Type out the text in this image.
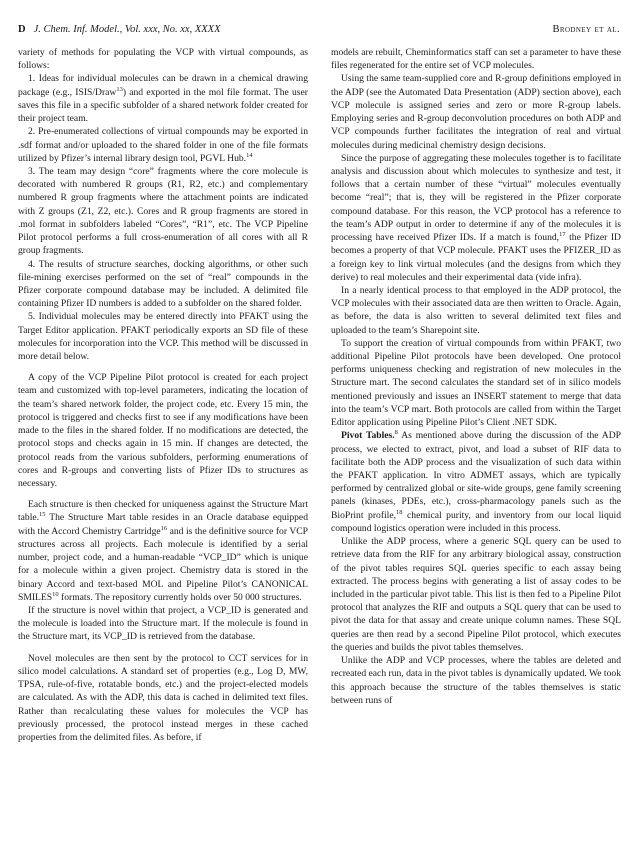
D J. Chem. Inf. Model., Vol. xxx, No. xx, XXXX	Brodney et al.

variety of methods for populating the VCP with virtual compounds, as follows:

1. Ideas for individual molecules can be drawn in a chemical drawing package (e.g., ISIS/Draw$^{13}$) and exported in the mol file format. The user saves this file in a specific subfolder of a shared network folder created for their project team.

2. Pre-enumerated collections of virtual compounds may be exported in .sdf format and/or uploaded to the shared folder in one of the file formats utilized by Pfizer’s internal library design tool, PGVL Hub.$^{14}$

3. The team may design “core” fragments where the core molecule is decorated with numbered R groups (R1, R2, etc.) and complementary numbered R group fragments where the attachment points are indicated with Z groups (Z1, Z2, etc.). Cores and R group fragments are stored in .mol format in subfolders labeled “Cores”, “R1”, etc. The VCP Pipeline Pilot protocol performs a full cross-enumeration of all cores with all R group fragments.

4. The results of structure searches, docking algorithms, or other such file-mining exercises performed on the set of “real” compounds in the Pfizer corporate compound database may be included. A delimited file containing Pfizer ID numbers is added to a subfolder on the shared folder.

5. Individual molecules may be entered directly into PFAKT using the Target Editor application. PFAKT periodically exports an SD file of these molecules for incorporation into the VCP. This method will be discussed in more detail below.

A copy of the VCP Pipeline Pilot protocol is created for each project team and customized with top-level parameters, indicating the location of the team’s shared network folder, the project code, etc. Every 15 min, the protocol is triggered and checks first to see if any modifications have been made to the files in the shared folder. If no modifications are detected, the protocol stops and checks again in 15 min. If changes are detected, the protocol reads from the various subfolders, performing enumerations of cores and R-groups and converting lists of Pfizer IDs to structures as necessary.

Each structure is then checked for uniqueness against the Structure Mart table.$^{15}$ The Structure Mart table resides in an Oracle database equipped with the Accord Chemistry Cartridge$^{16}$ and is the definitive source for VCP structures across all projects. Each molecule is identified by a serial number, project code, and a human-readable “VCP_ID” which is unique for a molecule within a given project. Chemistry data is stored in the binary Accord and text-based MOL and Pipeline Pilot’s CANONICAL SMILES$^{10}$ formats. The repository currently holds over 50 000 structures.

If the structure is novel within that project, a VCP_ID is generated and the molecule is loaded into the Structure mart. If the molecule is found in the Structure mart, its VCP_ID is retrieved from the database.

Novel molecules are then sent by the protocol to CCT services for in silico model calculations. A standard set of properties (e.g., Log D, MW, TPSA, rule-of-five, rotatable bonds, etc.) and the project-elected models are calculated. As with the ADP, this data is cached in delimited text files. Rather than recalculating these values for molecules the VCP has previously processed, the protocol instead merges in these cached properties from the delimited files. As before, if

models are rebuilt, Cheminformatics staff can set a parameter to have these files regenerated for the entire set of VCP molecules.

Using the same team-supplied core and R-group definitions employed in the ADP (see the Automated Data Presentation (ADP) section above), each VCP molecule is assigned series and zero or more R-group labels. Employing series and R-group deconvolution procedures on both ADP and VCP compounds further facilitates the integration of real and virtual molecules during medicinal chemistry design decisions.

Since the purpose of aggregating these molecules together is to facilitate analysis and discussion about which molecules to synthesize and test, it follows that a certain number of these “virtual” molecules eventually become “real”; that is, they will be registered in the Pfizer corporate compound database. For this reason, the VCP protocol has a reference to the team’s ADP output in order to determine if any of the molecules it is processing have received Pfizer IDs. If a match is found,$^{17}$ the Pfizer ID becomes a property of that VCP molecule. PFAKT uses the PFIZER_ID as a foreign key to link virtual molecules (and the designs from which they derive) to real molecules and their experimental data (vide infra).

In a nearly identical process to that employed in the ADP protocol, the VCP molecules with their associated data are then written to Oracle. Again, as before, the data is also written to several delimited text files and uploaded to the team’s Sharepoint site.

To support the creation of virtual compounds from within PFAKT, two additional Pipeline Pilot protocols have been developed. One protocol performs uniqueness checking and registration of new molecules in the Structure mart. The second calculates the standard set of in silico models mentioned previously and issues an INSERT statement to merge that data into the team’s VCP mart. Both protocols are called from within the Target Editor application using Pipeline Pilot’s Client .NET SDK.

Pivot Tables.$^8$ As mentioned above during the discussion of the ADP process, we elected to extract, pivot, and load a subset of RIF data to facilitate both the ADP process and the visualization of such data within the PFAKT application. In vitro ADMET assays, which are typically performed by centralized global or site-wide groups, gene family screening panels (kinases, PDEs, etc.), cross-pharmacology panels such as the BioPrint profile,$^{18}$ chemical purity, and inventory from our local liquid compound logistics operation were included in this process.

Unlike the ADP process, where a generic SQL query can be used to retrieve data from the RIF for any arbitrary biological assay, construction of the pivot tables requires SQL queries specific to each assay being extracted. The process begins with generating a list of assay codes to be included in the particular pivot table. This list is then fed to a Pipeline Pilot protocol that analyzes the RIF and outputs a SQL query that can be used to pivot the data for that assay and create unique column names. These SQL queries are then read by a second Pipeline Pilot protocol, which executes the queries and builds the pivot tables themselves.

Unlike the ADP and VCP processes, where the tables are deleted and recreated each run, data in the pivot tables is dynamically updated. We took this approach because the structure of the tables themselves is static between runs of
